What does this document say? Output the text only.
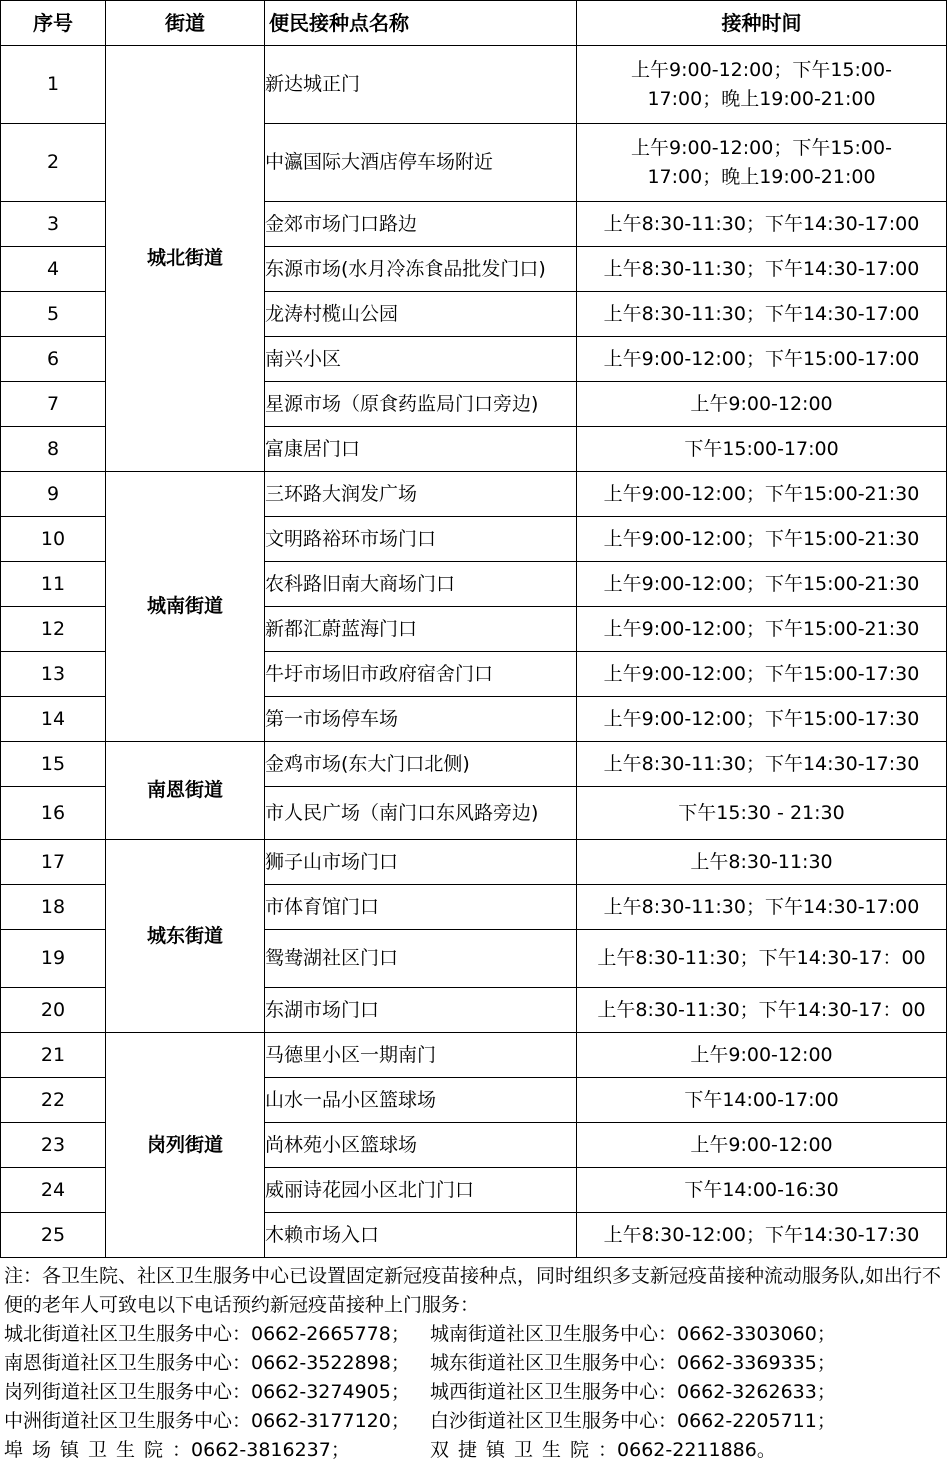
序号	街道	便民接种点名称	接种时间
1	城北街道	新达城正门	上午9:00-12:00；下午15:00-17:00；晚上19:00-21:00
2		中瀛国际大酒店停车场附近	上午9:00-12:00；下午15:00-17:00；晚上19:00-21:00
3		金郊市场门口路边	上午8:30-11:30；下午14:30-17:00
4		东源市场(水月冷冻食品批发门口)	上午8:30-11:30；下午14:30-17:00
5		龙涛村榄山公园	上午8:30-11:30；下午14:30-17:00
6		南兴小区	上午9:00-12:00；下午15:00-17:00
7		星源市场（原食药监局门口旁边)	上午9:00-12:00
8		富康居门口	下午15:00-17:00
9	城南街道	三环路大润发广场	上午9:00-12:00；下午15:00-21:30
10		文明路裕环市场门口	上午9:00-12:00；下午15:00-21:30
11		农科路旧南大商场门口	上午9:00-12:00；下午15:00-21:30
12		新都汇蔚蓝海门口	上午9:00-12:00；下午15:00-21:30
13		牛圩市场旧市政府宿舍门口	上午9:00-12:00；下午15:00-17:30
14		第一市场停车场	上午9:00-12:00；下午15:00-17:30
15	南恩街道	金鸡市场(东大门口北侧)	上午8:30-11:30；下午14:30-17:30
16		市人民广场（南门口东风路旁边)	下午15:30 - 21:30
17	城东街道	狮子山市场门口	上午8:30-11:30
18		市体育馆门口	上午8:30-11:30；下午14:30-17:00
19		鸳鸯湖社区门口	上午8:30-11:30；下午14:30-17：00
20		东湖市场门口	上午8:30-11:30；下午14:30-17：00
21	岗列街道	马德里小区一期南门	上午9:00-12:00
22		山水一品小区篮球场	下午14:00-17:00
23		尚林苑小区篮球场	上午9:00-12:00
24		威丽诗花园小区北门门口	下午14:00-16:30
25		木赖市场入口	上午8:30-12:00；下午14:30-17:30
注：各卫生院、社区卫生服务中心已设置固定新冠疫苗接种点，同时组织多支新冠疫苗接种流动服务队,如出行不便的老年人可致电以下电话预约新冠疫苗接种上门服务：
城北街道社区卫生服务中心：0662-2665778；	城南街道社区卫生服务中心：0662-3303060；
南恩街道社区卫生服务中心：0662-3522898；	城东街道社区卫生服务中心：0662-3369335；
岗列街道社区卫生服务中心：0662-3274905；	城西街道社区卫生服务中心：0662-3262633；
中洲街道社区卫生服务中心：0662-3177120；	白沙街道社区卫生服务中心：0662-2205711；
埠场镇卫生院：0662-3816237；	双捷镇卫生院：0662-2211886。
